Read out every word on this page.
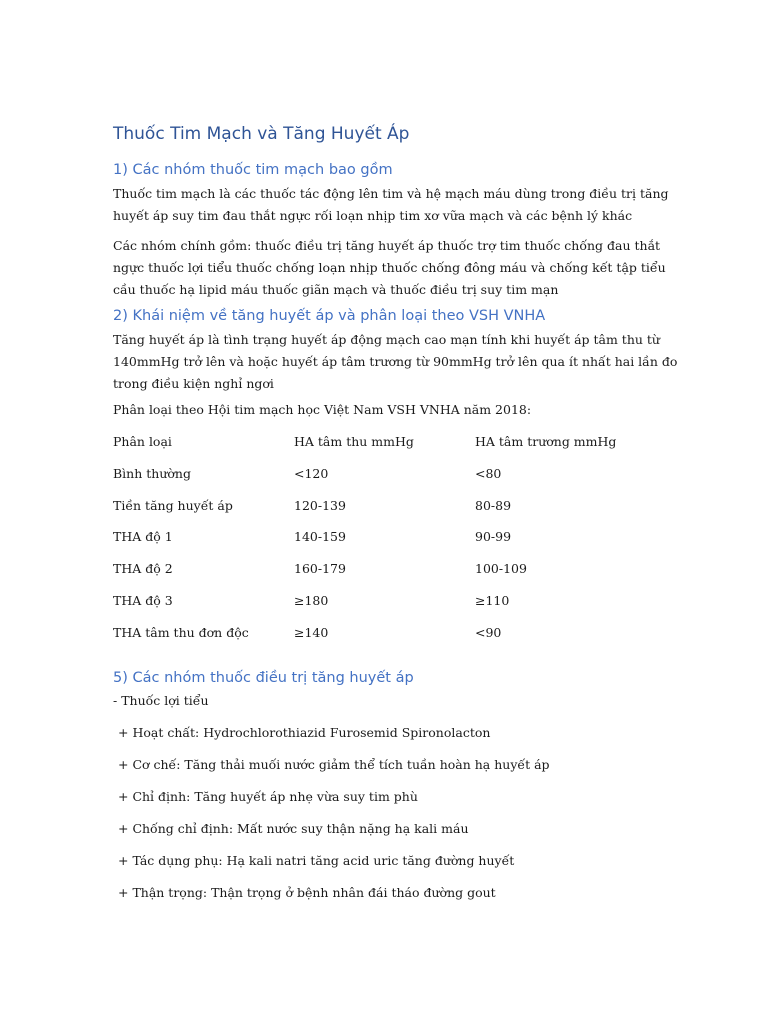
Thuốc Tim Mạch và Tăng Huyết Áp
1) Các nhóm thuốc tim mạch bao gồm

Thuốc tim mạch là các thuốc tác động lên tim và hệ mạch máu dùng trong điều trị tăng
huyết áp suy tim đau thắt ngực rối loạn nhịp tim xơ vữa mạch và các bệnh lý khác

Các nhóm chính gồm: thuốc điều trị tăng huyết áp thuốc trợ tim thuốc chống đau thắt
ngực thuốc lợi tiểu thuốc chống loạn nhịp thuốc chống đông máu và chống kết tập tiểu
cầu thuốc hạ lipid máu thuốc giãn mạch và thuốc điều trị suy tim mạn

2) Khái niệm về tăng huyết áp và phân loại theo VSH VNHA

Tăng huyết áp là tình trạng huyết áp động mạch cao mạn tính khi huyết áp tâm thu từ
140mmHg trở lên và hoặc huyết áp tâm trương từ 90mmHg trở lên qua ít nhất hai lần đo
trong điều kiện nghỉ ngơi

Phân loại theo Hội tim mạch học Việt Nam VSH VNHA năm 2018:

Phân loại	HA tâm thu mmHg	HA tâm trương mmHg
Bình thường	<120	<80
Tiền tăng huyết áp	120-139	80-89
THA độ 1	140-159	90-99
THA độ 2	160-179	100-109
THA độ 3	≥180	≥110
THA tâm thu đơn độc	≥140	<90
5) Các nhóm thuốc điều trị tăng huyết áp
- Thuốc lợi tiểu
+ Hoạt chất: Hydrochlorothiazid Furosemid Spironolacton
+ Cơ chế: Tăng thải muối nước giảm thể tích tuần hoàn hạ huyết áp
+ Chỉ định: Tăng huyết áp nhẹ vừa suy tim phù
+ Chống chỉ định: Mất nước suy thận nặng hạ kali máu
+ Tác dụng phụ: Hạ kali natri tăng acid uric tăng đường huyết
+ Thận trọng: Thận trọng ở bệnh nhân đái tháo đường gout
